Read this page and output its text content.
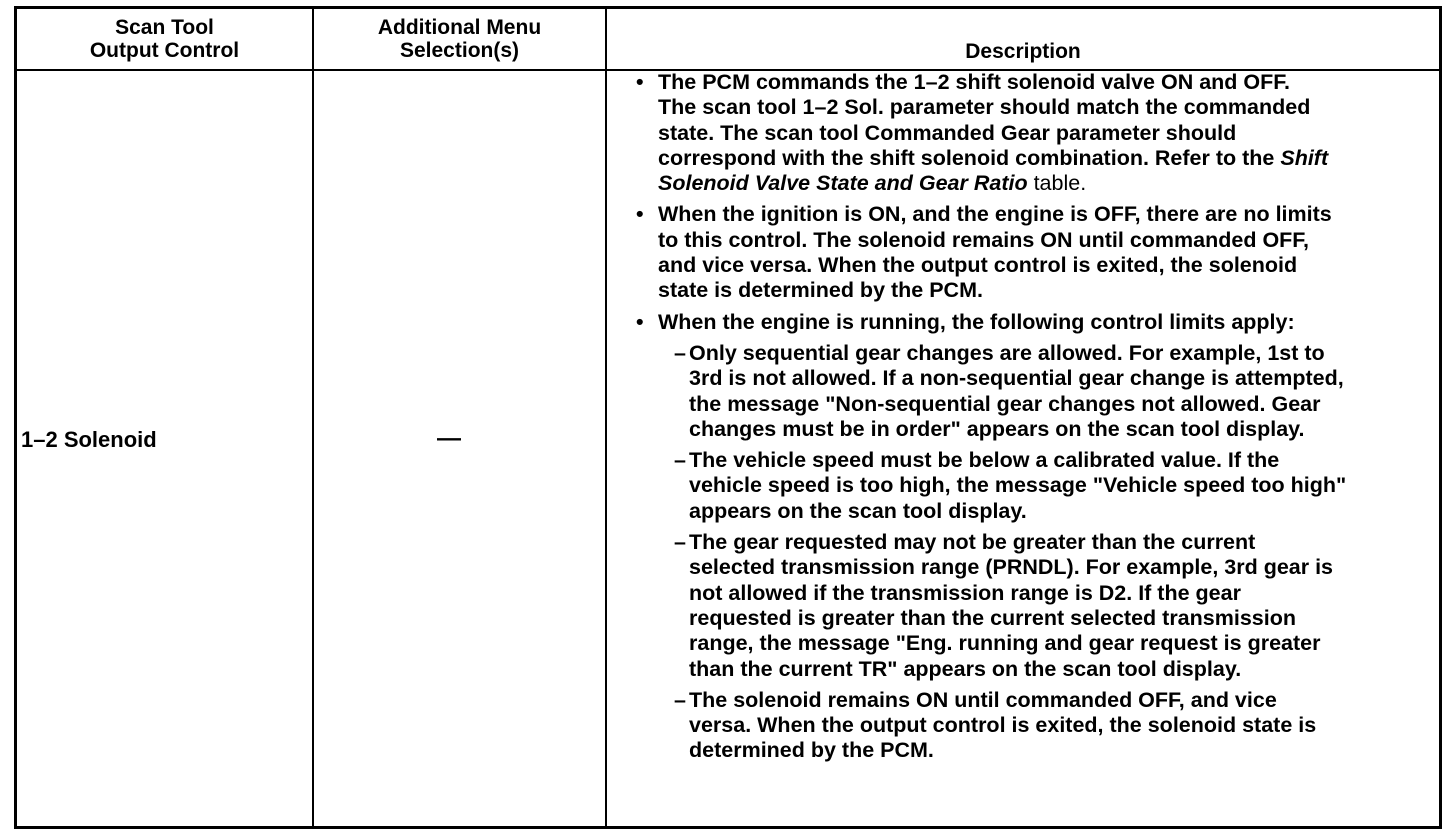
Scan Tool
Output Control
Additional Menu
Selection(s)	Description
1–2 Solenoid	—
• The PCM commands the 1–2 shift solenoid valve ON and OFF.
The scan tool 1–2 Sol. parameter should match the commanded
state. The scan tool Commanded Gear parameter should
correspond with the shift solenoid combination. Refer to the Shift
Solenoid Valve State and Gear Ratio table.
• When the ignition is ON, and the engine is OFF, there are no limits
to this control. The solenoid remains ON until commanded OFF,
and vice versa. When the output control is exited, the solenoid
state is determined by the PCM.
• When the engine is running, the following control limits apply:
– Only sequential gear changes are allowed. For example, 1st to
3rd is not allowed. If a non-sequential gear change is attempted,
the message "Non-sequential gear changes not allowed. Gear
changes must be in order" appears on the scan tool display.
– The vehicle speed must be below a calibrated value. If the
vehicle speed is too high, the message "Vehicle speed too high"
appears on the scan tool display.
– The gear requested may not be greater than the current
selected transmission range (PRNDL). For example, 3rd gear is
not allowed if the transmission range is D2. If the gear
requested is greater than the current selected transmission
range, the message "Eng. running and gear request is greater
than the current TR" appears on the scan tool display.
– The solenoid remains ON until commanded OFF, and vice
versa. When the output control is exited, the solenoid state is
determined by the PCM.
